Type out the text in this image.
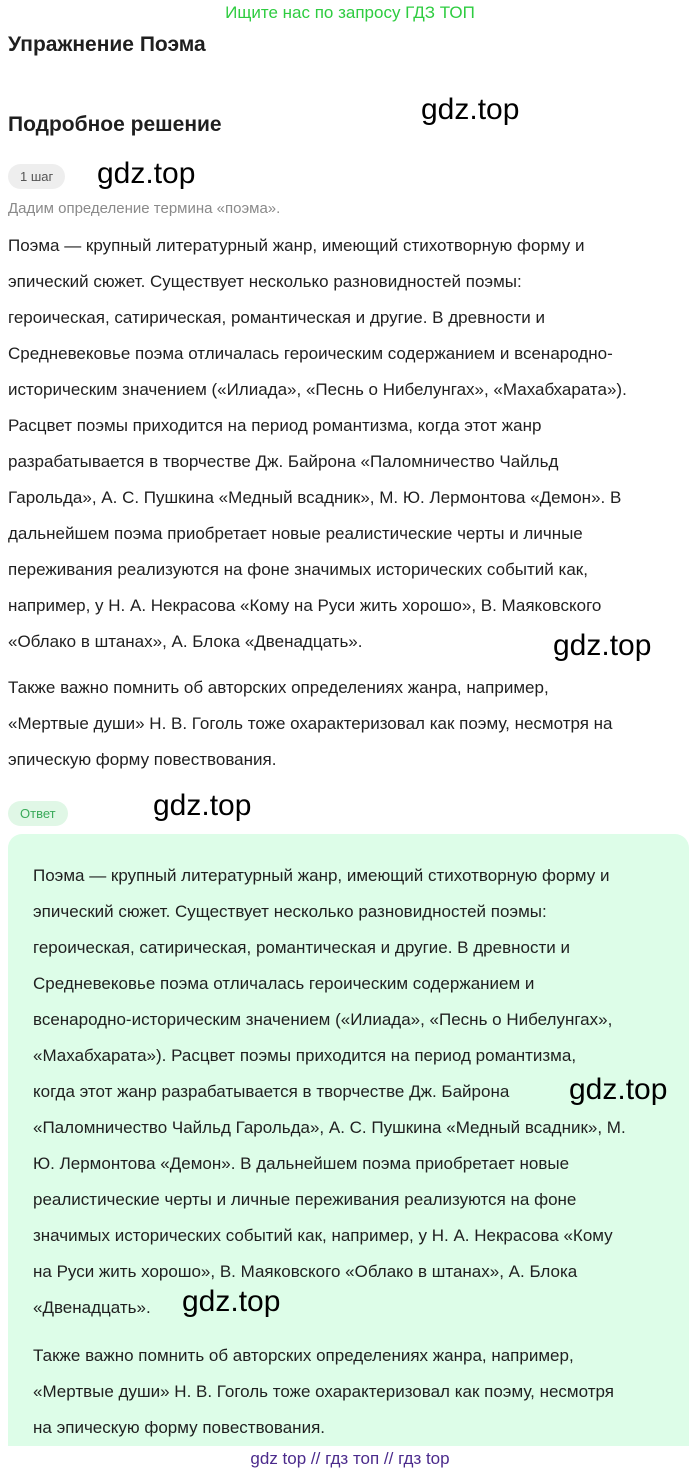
Ищите нас по запросу ГДЗ ТОП
Упражнение Поэма
Подробное решение	gdz.top
gdz.top
1 шаг
Дадим определение термина «поэма».
Поэма — крупный литературный жанр, имеющий стихотворную форму и
эпический сюжет. Существует несколько разновидностей поэмы:
героическая, сатирическая, романтическая и другие. В древности и
Средневековье поэма отличалась героическим содержанием и всенародно-
историческим значением («Илиада», «Песнь о Нибелунгах», «Махабхарата»).
Расцвет поэмы приходится на период романтизма, когда этот жанр
разрабатывается в творчестве Дж. Байрона «Паломничество Чайльд
Гарольда», А. С. Пушкина «Медный всадник», М. Ю. Лермонтова «Демон». В
дальнейшем поэма приобретает новые реалистические черты и личные
переживания реализуются на фоне значимых исторических событий как,
например, у Н. А. Некрасова «Кому на Руси жить хорошо», В. Маяковского
«Облако в штанах», А. Блока «Двенадцать».	gdz.top
Также важно помнить об авторских определениях жанра, например,
«Мертвые души» Н. В. Гоголь тоже охарактеризовал как поэму, несмотря на
эпическую форму повествования.
Ответ	gdz.top
Поэма — крупный литературный жанр, имеющий стихотворную форму и
эпический сюжет. Существует несколько разновидностей поэмы:
героическая, сатирическая, романтическая и другие. В древности и
Средневековье поэма отличалась героическим содержанием и
всенародно-историческим значением («Илиада», «Песнь о Нибелунгах»,
«Махабхарата»). Расцвет поэмы приходится на период романтизма,
когда этот жанр разрабатывается в творчестве Дж. Байрона
«Паломничество Чайльд Гарольда», А. С. Пушкина «Медный всадник», М.
Ю. Лермонтова «Демон». В дальнейшем поэма приобретает новые
реалистические черты и личные переживания реализуются на фоне
значимых исторических событий как, например, у Н. А. Некрасова «Кому
на Руси жить хорошо», В. Маяковского «Облако в штанах», А. Блока
«Двенадцать».
gdz.top
gdz.top
Также важно помнить об авторских определениях жанра, например,
«Мертвые души» Н. В. Гоголь тоже охарактеризовал как поэму, несмотря
на эпическую форму повествования.
gdz top // гдз топ // гдз top
